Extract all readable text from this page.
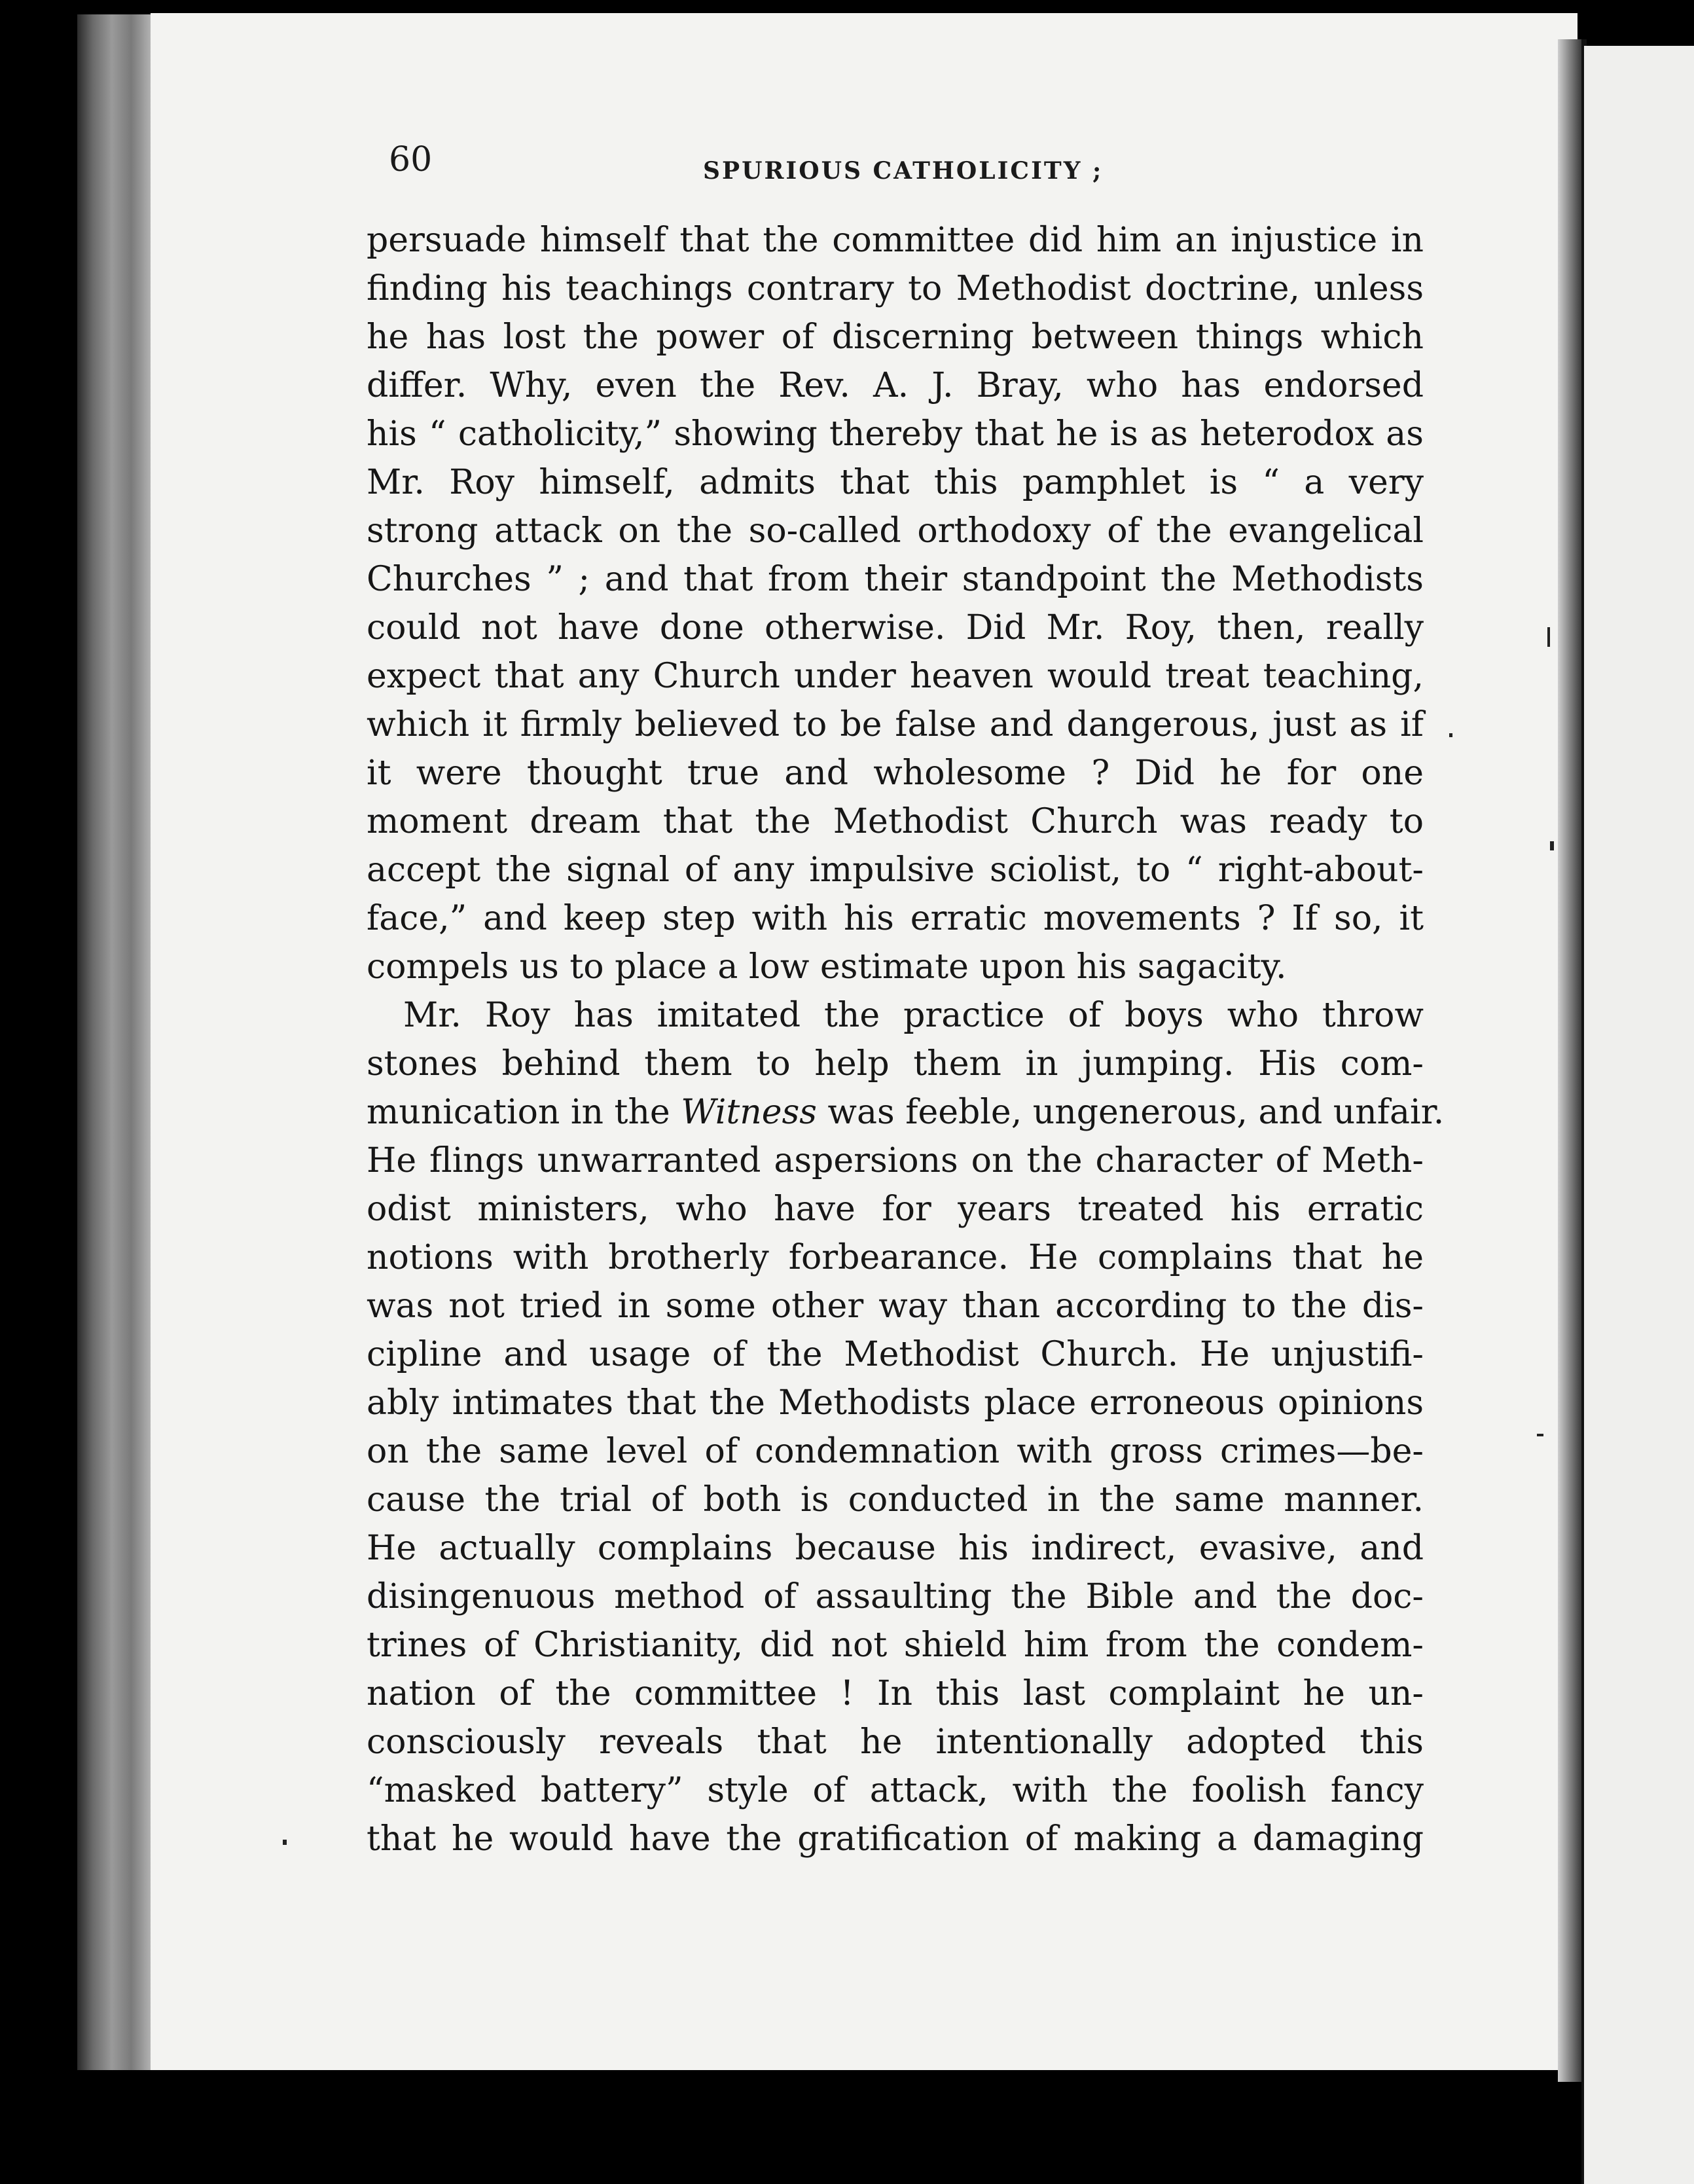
60	SPURIOUS CATHOLICITY ;
persuade himself that the committee did him an injustice in
finding his teachings contrary to Methodist doctrine, unless
he has lost the power of discerning between things which
differ. Why, even the Rev. A. J. Bray, who has endorsed
his “ catholicity,” showing thereby that he is as heterodox as
Mr. Roy himself, admits that this pamphlet is “ a very
strong attack on the so-called orthodoxy of the evangelical
Churches ” ; and that from their standpoint the Methodists
could not have done otherwise. Did Mr. Roy, then, really
expect that any Church under heaven would treat teaching,
which it firmly believed to be false and dangerous, just as if
it were thought true and wholesome ? Did he for one
moment dream that the Methodist Church was ready to
accept the signal of any impulsive sciolist, to “ right-about-
face,” and keep step with his erratic movements ? If so, it
compels us to place a low estimate upon his sagacity.
Mr. Roy has imitated the practice of boys who throw
stones behind them to help them in jumping. His com-
munication in the Witness was feeble, ungenerous, and unfair.
He flings unwarranted aspersions on the character of Meth-
odist ministers, who have for years treated his erratic
notions with brotherly forbearance. He complains that he
was not tried in some other way than according to the dis-
cipline and usage of the Methodist Church. He unjustifi-
ably intimates that the Methodists place erroneous opinions
on the same level of condemnation with gross crimes—be-
cause the trial of both is conducted in the same manner.
He actually complains because his indirect, evasive, and
disingenuous method of assaulting the Bible and the doc-
trines of Christianity, did not shield him from the condem-
nation of the committee ! In this last complaint he un-
consciously reveals that he intentionally adopted this
“masked battery” style of attack, with the foolish fancy
that he would have the gratification of making a damaging
